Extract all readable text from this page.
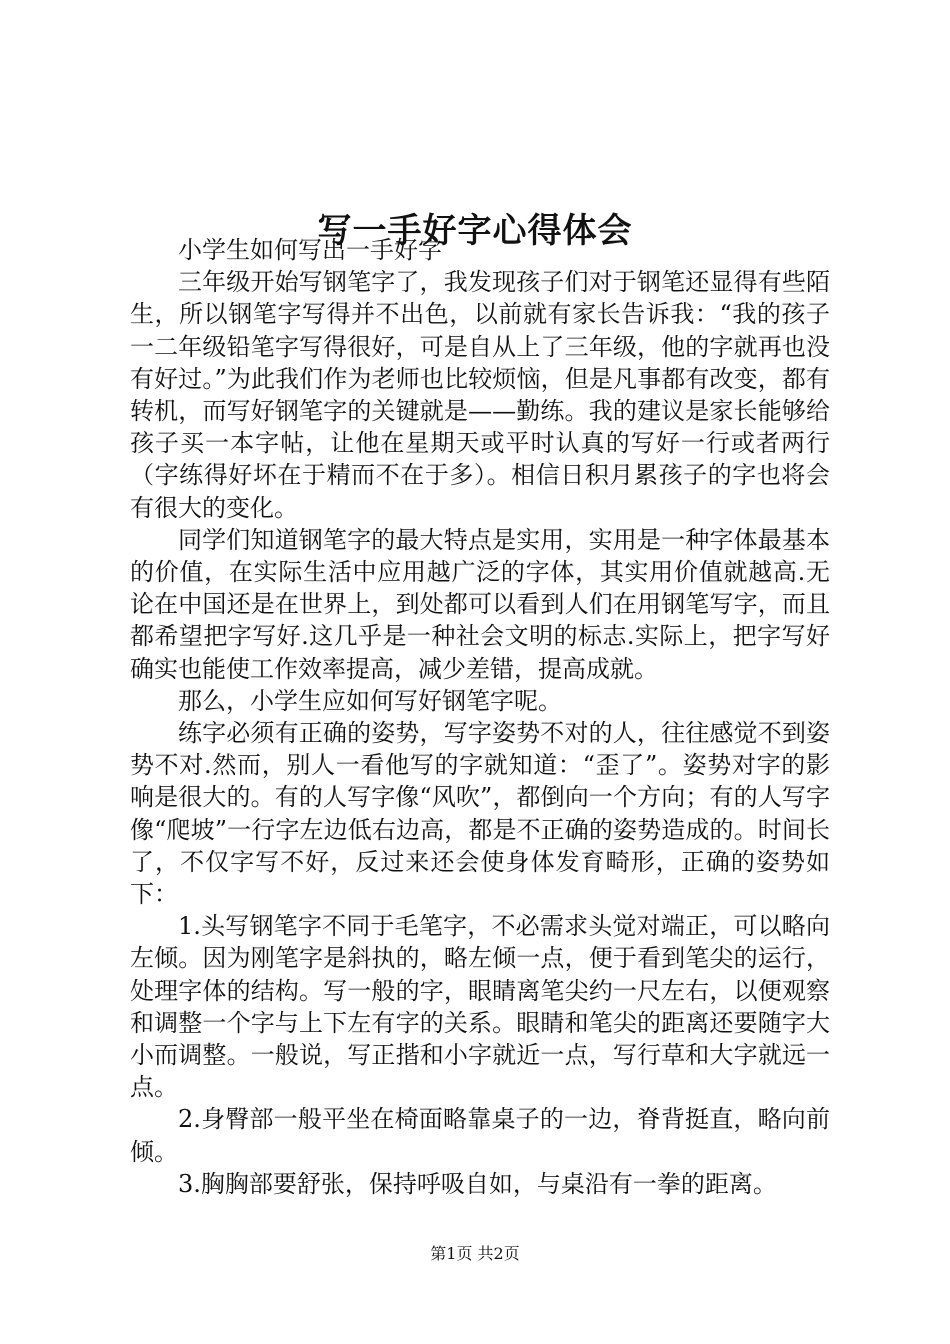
写一手好字心得体会

小学生如何写出一手好字

三年级开始写钢笔字了，我发现孩子们对于钢笔还显得有些陌生，所以钢笔字写得并不出色，以前就有家长告诉我：“我的孩子一二年级铅笔字写得很好，可是自从上了三年级，他的字就再也没有好过。”为此我们作为老师也比较烦恼，但是凡事都有改变，都有转机，而写好钢笔字的关键就是——勤练。我的建议是家长能够给孩子买一本字帖，让他在星期天或平时认真的写好一行或者两行（字练得好坏在于精而不在于多）。相信日积月累孩子的字也将会有很大的变化。

同学们知道钢笔字的最大特点是实用，实用是一种字体最基本的价值，在实际生活中应用越广泛的字体，其实用价值就越高.无论在中国还是在世界上，到处都可以看到人们在用钢笔写字，而且都希望把字写好.这几乎是一种社会文明的标志.实际上，把字写好确实也能使工作效率提高，减少差错，提高成就。

那么，小学生应如何写好钢笔字呢。

练字必须有正确的姿势，写字姿势不对的人，往往感觉不到姿势不对.然而，别人一看他写的字就知道：“歪了”。姿势对字的影响是很大的。有的人写字像“风吹”，都倒向一个方向；有的人写字像“爬坡”一行字左边低右边高，都是不正确的姿势造成的。时间长了，不仅字写不好，反过来还会使身体发育畸形，正确的姿势如下：

1.头写钢笔字不同于毛笔字，不必需求头觉对端正，可以略向左倾。因为刚笔字是斜执的，略左倾一点，便于看到笔尖的运行，处理字体的结构。写一般的字，眼睛离笔尖约一尺左右，以便观察和调整一个字与上下左有字的关系。眼睛和笔尖的距离还要随字大小而调整。一般说，写正揩和小字就近一点，写行草和大字就远一点。

2.身臀部一般平坐在椅面略靠桌子的一边，脊背挺直，略向前倾。

3.胸胸部要舒张，保持呼吸自如，与桌沿有一拳的距离。

第1页 共2页
